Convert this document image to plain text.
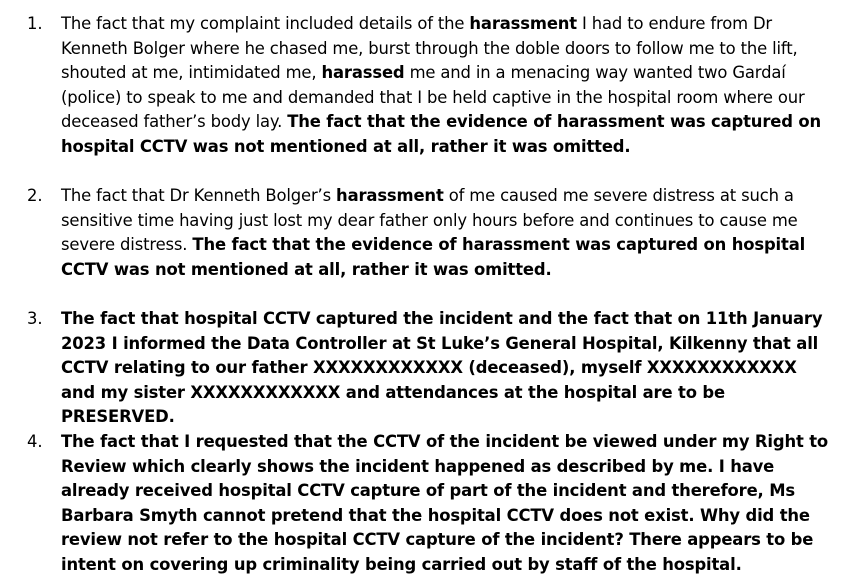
1. The fact that my complaint included details of the harassment I had to endure from Dr Kenneth Bolger where he chased me, burst through the doble doors to follow me to the lift, shouted at me, intimidated me, harassed me and in a menacing way wanted two Gardaí (police) to speak to me and demanded that I be held captive in the hospital room where our deceased father’s body lay. The fact that the evidence of harassment was captured on hospital CCTV was not mentioned at all, rather it was omitted.
2. The fact that Dr Kenneth Bolger’s harassment of me caused me severe distress at such a sensitive time having just lost my dear father only hours before and continues to cause me severe distress. The fact that the evidence of harassment was captured on hospital CCTV was not mentioned at all, rather it was omitted.
3. The fact that hospital CCTV captured the incident and the fact that on 11th January 2023 I informed the Data Controller at St Luke’s General Hospital, Kilkenny that all CCTV relating to our father XXXXXXXXXXXX (deceased), myself XXXXXXXXXXXX and my sister XXXXXXXXXXXX and attendances at the hospital are to be PRESERVED.
4. The fact that I requested that the CCTV of the incident be viewed under my Right to Review which clearly shows the incident happened as described by me. I have already received hospital CCTV capture of part of the incident and therefore, Ms Barbara Smyth cannot pretend that the hospital CCTV does not exist. Why did the review not refer to the hospital CCTV capture of the incident? There appears to be intent on covering up criminality being carried out by staff of the hospital.
